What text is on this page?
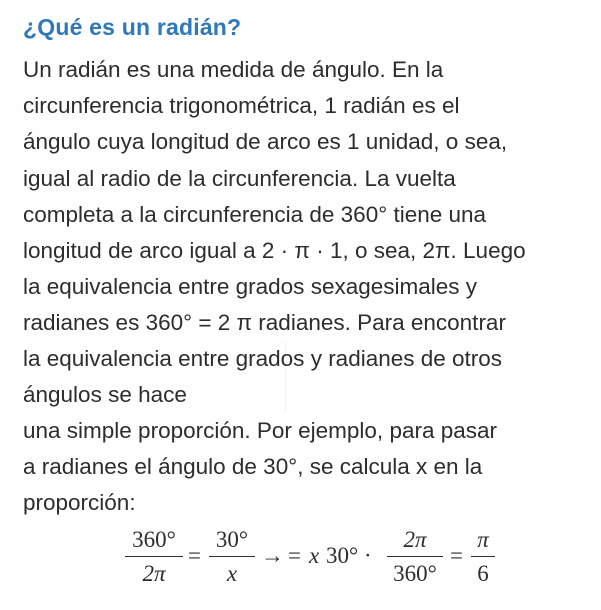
¿Qué es un radián?
Un radián es una medida de ángulo. En la
circunferencia trigonométrica, 1 radián es el
ángulo cuya longitud de arco es 1 unidad, o sea,
igual al radio de la circunferencia. La vuelta
completa a la circunferencia de 360° tiene una
longitud de arco igual a 2 · π · 1, o sea, 2π. Luego
la equivalencia entre grados sexagesimales y
radianes es 360° = 2 π radianes. Para encontrar
la equivalencia entre grados y radianes de otros
ángulos se hace
una simple proporción. Por ejemplo, para pasar
a radianes el ángulo de 30°, se calcula x en la
proporción:
360°
2π
=
30°
x
→ = x 30° ·
2π
360°
=
π
6
